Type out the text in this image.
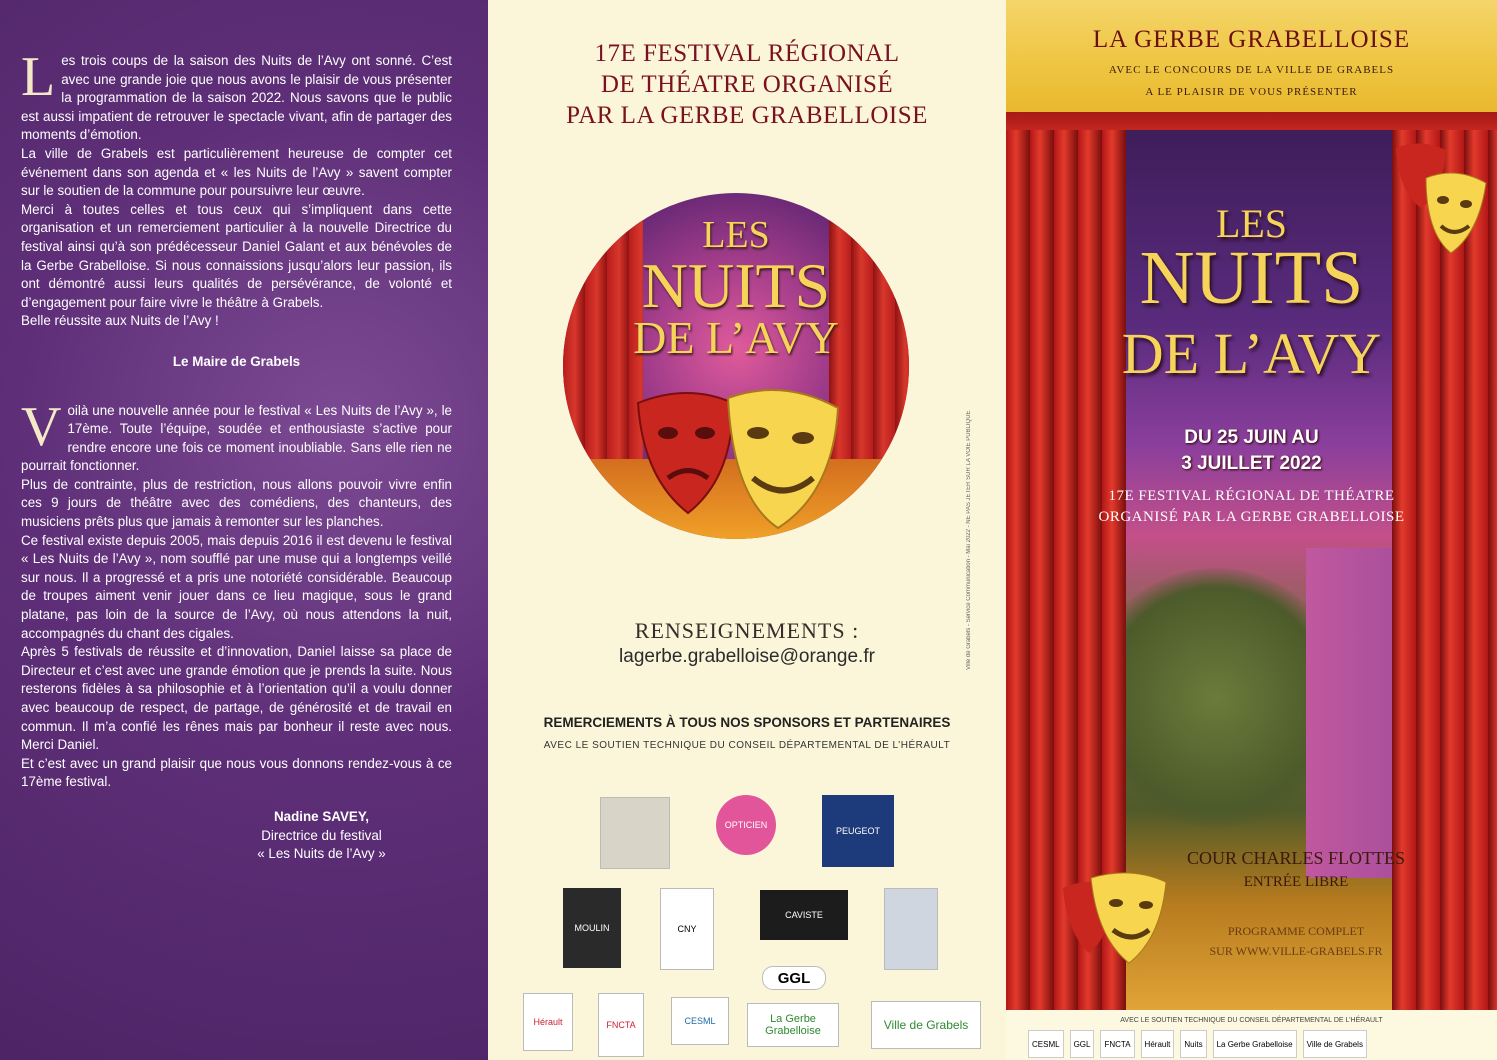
Les trois coups de la saison des Nuits de l’Avy ont sonné. C’est avec une grande joie que nous avons le plaisir de vous présenter la programmation de la saison 2022. Nous savons que le public est aussi impatient de retrouver le spectacle vivant, afin de partager des moments d’émotion.

La ville de Grabels est particulièrement heureuse de compter cet événement dans son agenda et « les Nuits de l’Avy » savent compter sur le soutien de la commune pour poursuivre leur œuvre.

Merci à toutes celles et tous ceux qui s’impliquent dans cette organisation et un remerciement particulier à la nouvelle Directrice du festival ainsi qu’à son prédécesseur Daniel Galant et aux bénévoles de la Gerbe Grabelloise. Si nous connaissions jusqu’alors leur passion, ils ont démontré aussi leurs qualités de persévérance, de volonté et d’engagement pour faire vivre le théâtre à Grabels.

Belle réussite aux Nuits de l’Avy !

Le Maire de Grabels

Voilà une nouvelle année pour le festival « Les Nuits de l’Avy », le 17ème. Toute l’équipe, soudée et enthousiaste s’active pour rendre encore une fois ce moment inoubliable. Sans elle rien ne pourrait fonctionner.

Plus de contrainte, plus de restriction, nous allons pouvoir vivre enfin ces 9 jours de théâtre avec des comédiens, des chanteurs, des musiciens prêts plus que jamais à remonter sur les planches.

Ce festival existe depuis 2005, mais depuis 2016 il est devenu le festival « Les Nuits de l’Avy », nom soufflé par une muse qui a longtemps veillé sur nous. Il a progressé et a pris une notoriété considérable. Beaucoup de troupes aiment venir jouer dans ce lieu magique, sous le grand platane, pas loin de la source de l’Avy, où nous attendons la nuit, accompagnés du chant des cigales.

Après 5 festivals de réussite et d’innovation, Daniel laisse sa place de Directeur et c’est avec une grande émotion que je prends la suite. Nous resterons fidèles à sa philosophie et à l’orientation qu’il a voulu donner avec beaucoup de respect, de partage, de générosité et de travail en commun. Il m’a confié les rênes mais par bonheur il reste avec nous. Merci Daniel.

Et c’est avec un grand plaisir que nous vous donnons rendez-vous à ce 17ème festival.

Nadine SAVEY,

Directrice du festival

« Les Nuits de l’Avy »

17E FESTIVAL RÉGIONAL
DE THÉATRE ORGANISÉ
PAR LA GERBE GRABELLOISE
LES
NUITS
DE L’AVY
RENSEIGNEMENTS :
lagerbe.grabelloise@orange.fr
REMERCIEMENTS À TOUS NOS SPONSORS ET PARTENAIRES
AVEC LE SOUTIEN TECHNIQUE DU CONSEIL DÉPARTEMENTAL DE L’HÉRAULT
OPTICIEN
PEUGEOT
MOULIN	CNY
CAVISTE
GGL
Hérault	FNCTA	CESML	La Gerbe Grabelloise	Ville de Grabels
Ville de Grabels - Service Communication - Mai 2022 - NE PAS JETER SUR LA VOIE PUBLIQUE
LA GERBE GRABELLOISE
AVEC LE CONCOURS DE LA VILLE DE GRABELS
A LE PLAISIR DE VOUS PRÉSENTER
LES
NUITS
DE L’AVY
DU 25 JUIN AU
3 JUILLET 2022
17E FESTIVAL RÉGIONAL DE THÉATRE
ORGANISÉ PAR LA GERBE GRABELLOISE
COUR CHARLES FLOTTES
ENTRÉE LIBRE
PROGRAMME COMPLET
SUR WWW.VILLE-GRABELS.FR
AVEC LE SOUTIEN TECHNIQUE DU CONSEIL DÉPARTEMENTAL DE L’HÉRAULT
CESML	GGL	FNCTA	Hérault	Nuits	La Gerbe Grabelloise	Ville de Grabels
